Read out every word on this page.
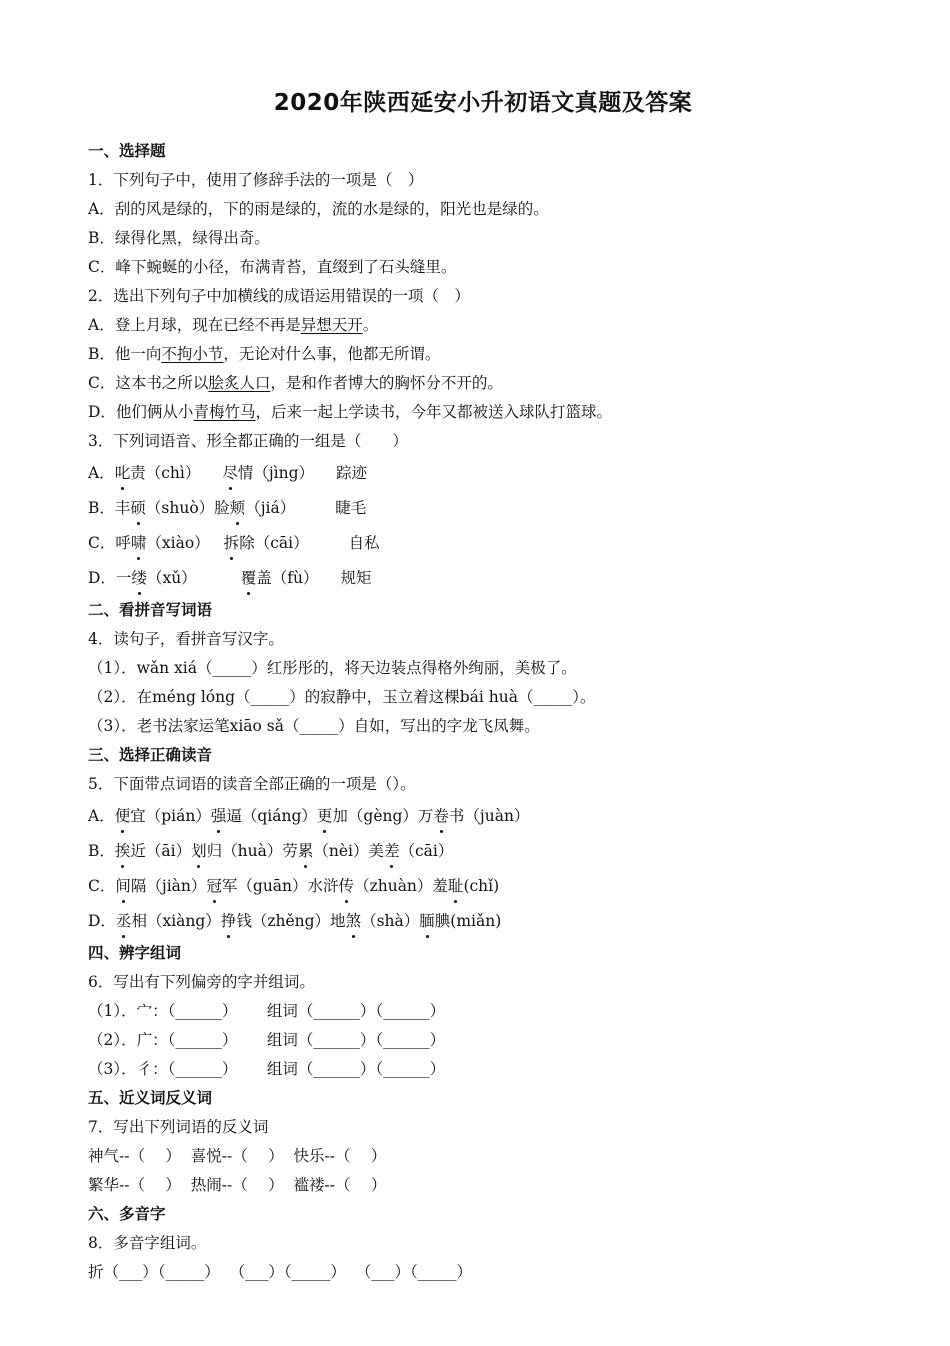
2020年陕西延安小升初语文真题及答案
一、选择题
1．下列句子中，使用了修辞手法的一项是（　）
A．刮的风是绿的，下的雨是绿的，流的水是绿的，阳光也是绿的。
B．绿得化黑，绿得出奇。
C．峰下蜿蜒的小径，布满青苔，直缀到了石头缝里。
2．选出下列句子中加横线的成语运用错误的一项（　）
A．登上月球，现在已经不再是异想天开。
B．他一向不拘小节，无论对什么事，他都无所谓。
C．这本书之所以脍炙人口，是和作者博大的胸怀分不开的。
D．他们俩从小青梅竹马，后来一起上学读书，今年又都被送入球队打篮球。
3．下列词语音、形全都正确的一组是（　　）
A．叱责（chì） 尽情（jìng） 踪迹
B．丰硕（shuò）脸颊（jiá）	睫毛
C．呼啸（xiào） 拆除（cāi）	自私
D．一缕（xǔ）	覆盖（fù） 规矩
二、看拼音写词语
4．读句子，看拼音写汉字。
（1）．wǎn xiá（_____）红彤彤的，将天边装点得格外绚丽，美极了。
（2）．在méng lóng（_____）的寂静中，玉立着这棵bái huà（_____）。
（3）．老书法家运笔xiāo sǎ（_____）自如，写出的字龙飞凤舞。
三、选择正确读音
5．下面带点词语的读音全部正确的一项是（）。
A．便宜（pián）强逼（qiáng）更加（gèng）万卷书（juàn）
B．挨近（āi）划归（huà）劳累（nèi）美差（cāi）
C．间隔（jiàn）冠军（guān）水浒传（zhuàn）羞耻(chǐ)
D．丞相（xiàng）挣钱（zhěng）地煞（shà）腼腆(miǎn)
四、辨字组词
6．写出有下列偏旁的字并组词。
（1）．宀：（______）      组词（______）（______）
（2）．广：（______）      组词（______）（______）
（3）．彳：（______）      组词（______）（______）
五、近义词反义词
7．写出下列词语的反义词
神气--（　 ）  喜悦--（　 ）  快乐--（　 ）
繁华--（　 ）  热闹--（　 ）  褴褛--（　 ）
六、多音字
8．多音字组词。
折（___）（_____）  （___）（_____）  （___）（_____）
